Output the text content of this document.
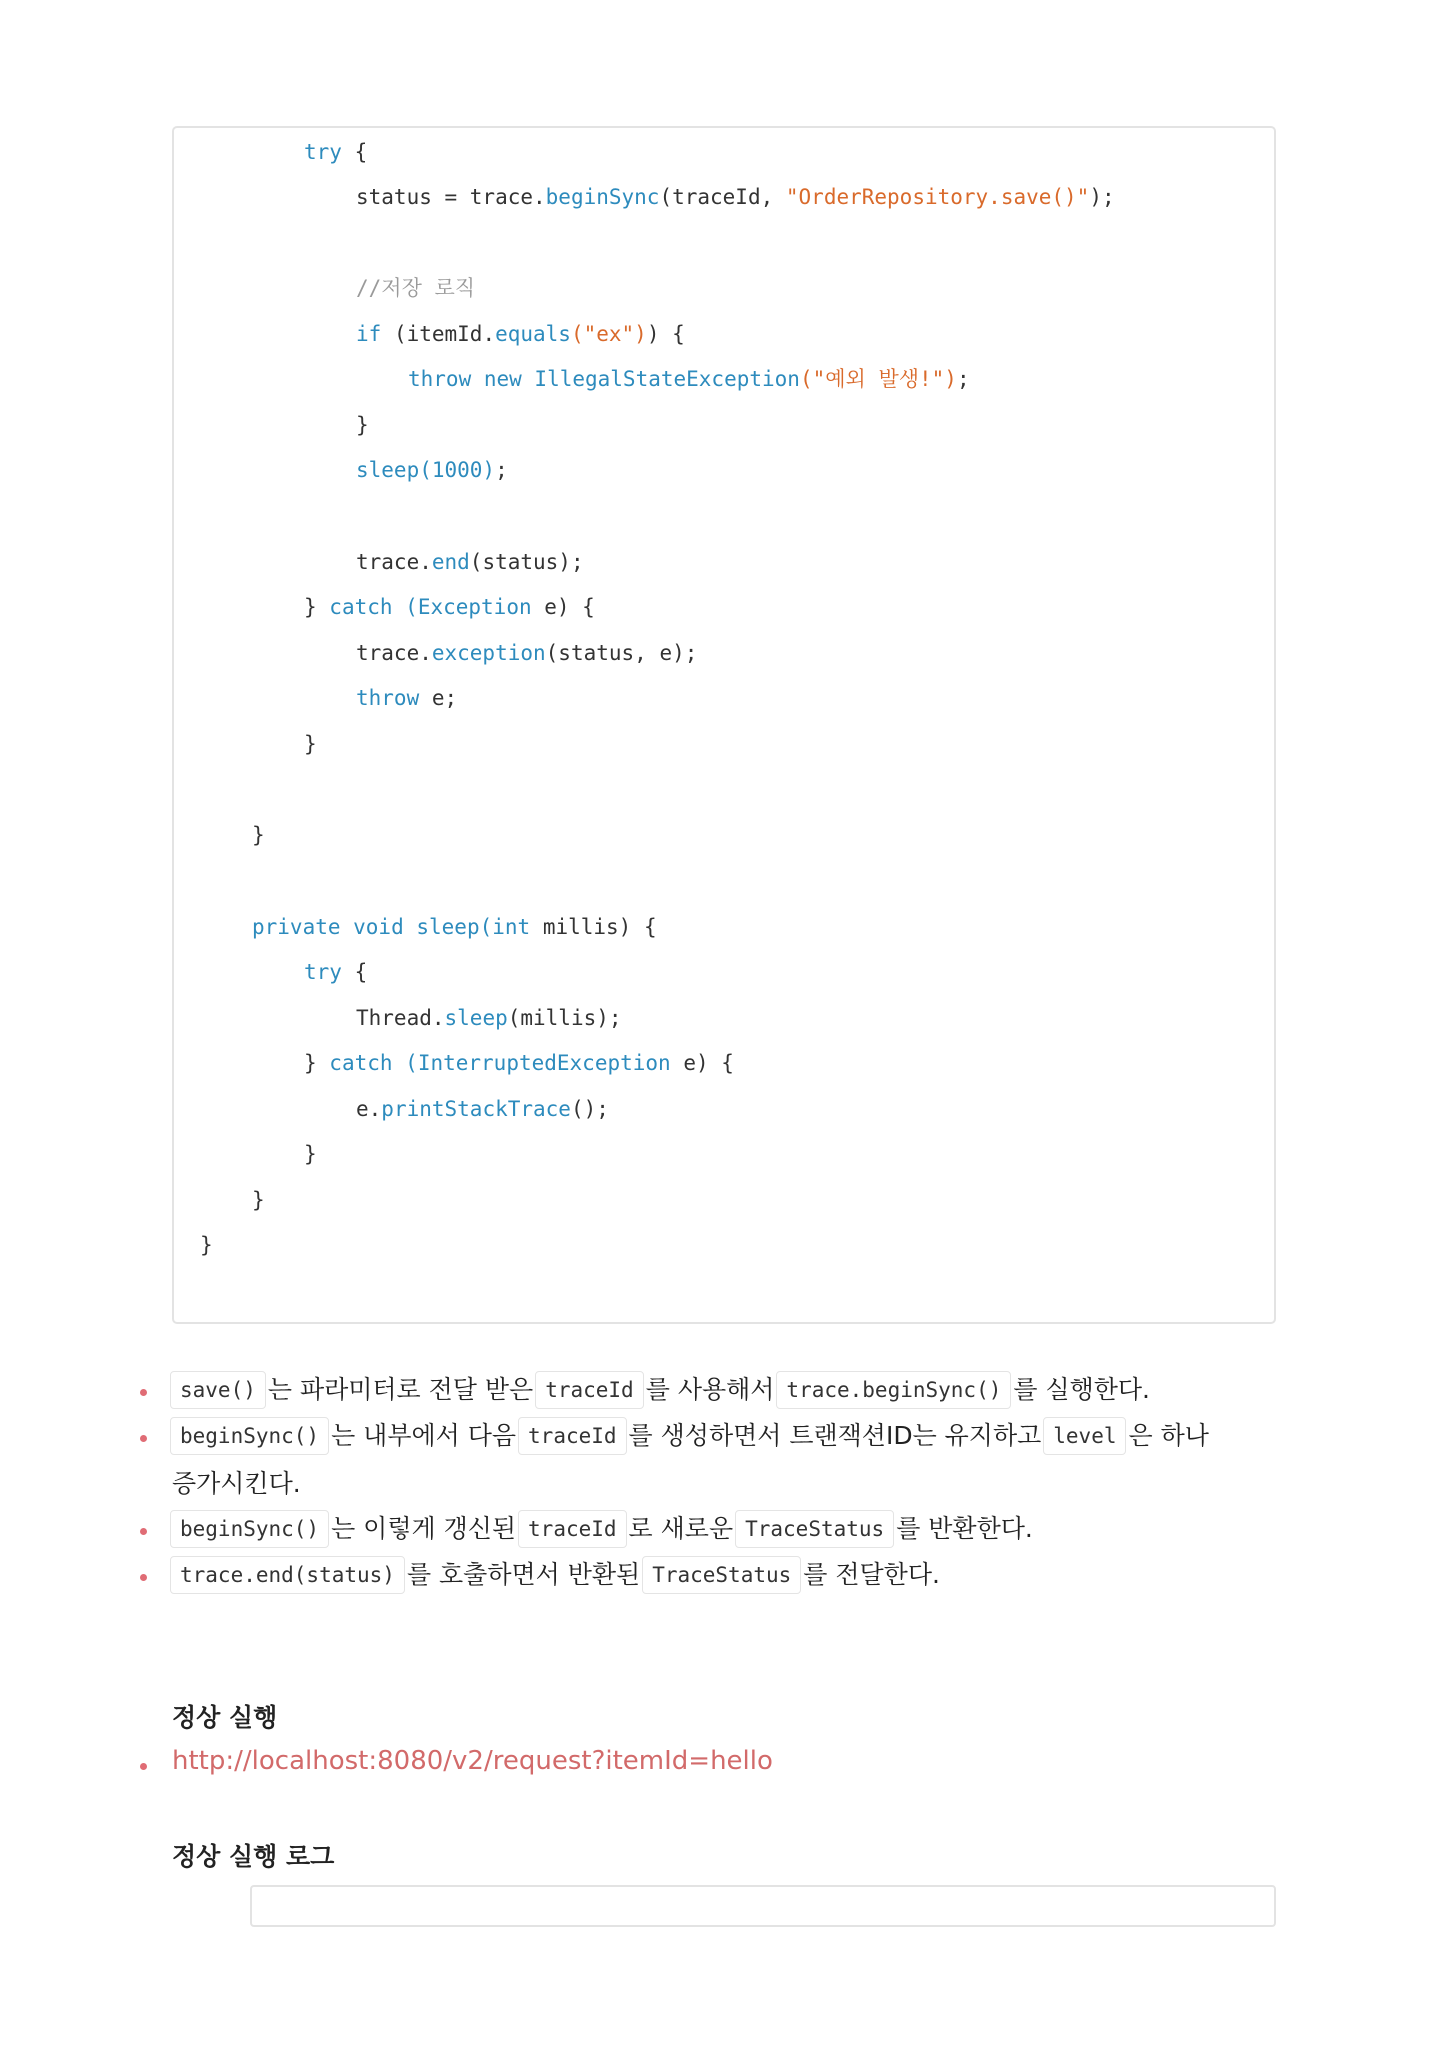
try {
status = trace.beginSync(traceId, "OrderRepository.save()");
//저장 로직
if (itemId.equals("ex")) {
throw new IllegalStateException("예외 발생!");
}
sleep(1000);
trace.end(status);
} catch (Exception e) {
trace.exception(status, e);
throw e;
}
}
private void sleep(int millis) {
try {
Thread.sleep(millis);
} catch (InterruptedException e) {
e.printStackTrace();
}
}
}
save() 는 파라미터로 전달 받은 traceId 를 사용해서 trace.beginSync() 를 실행한다.
beginSync() 는 내부에서 다음 traceId 를 생성하면서 트랜잭션ID는 유지하고 level 은 하나
증가시킨다.
beginSync() 는 이렇게 갱신된 traceId 로 새로운 TraceStatus 를 반환한다.
trace.end(status) 를 호출하면서 반환된 TraceStatus 를 전달한다.
정상 실행
http://localhost:8080/v2/request?itemId=hello
정상 실행 로그
